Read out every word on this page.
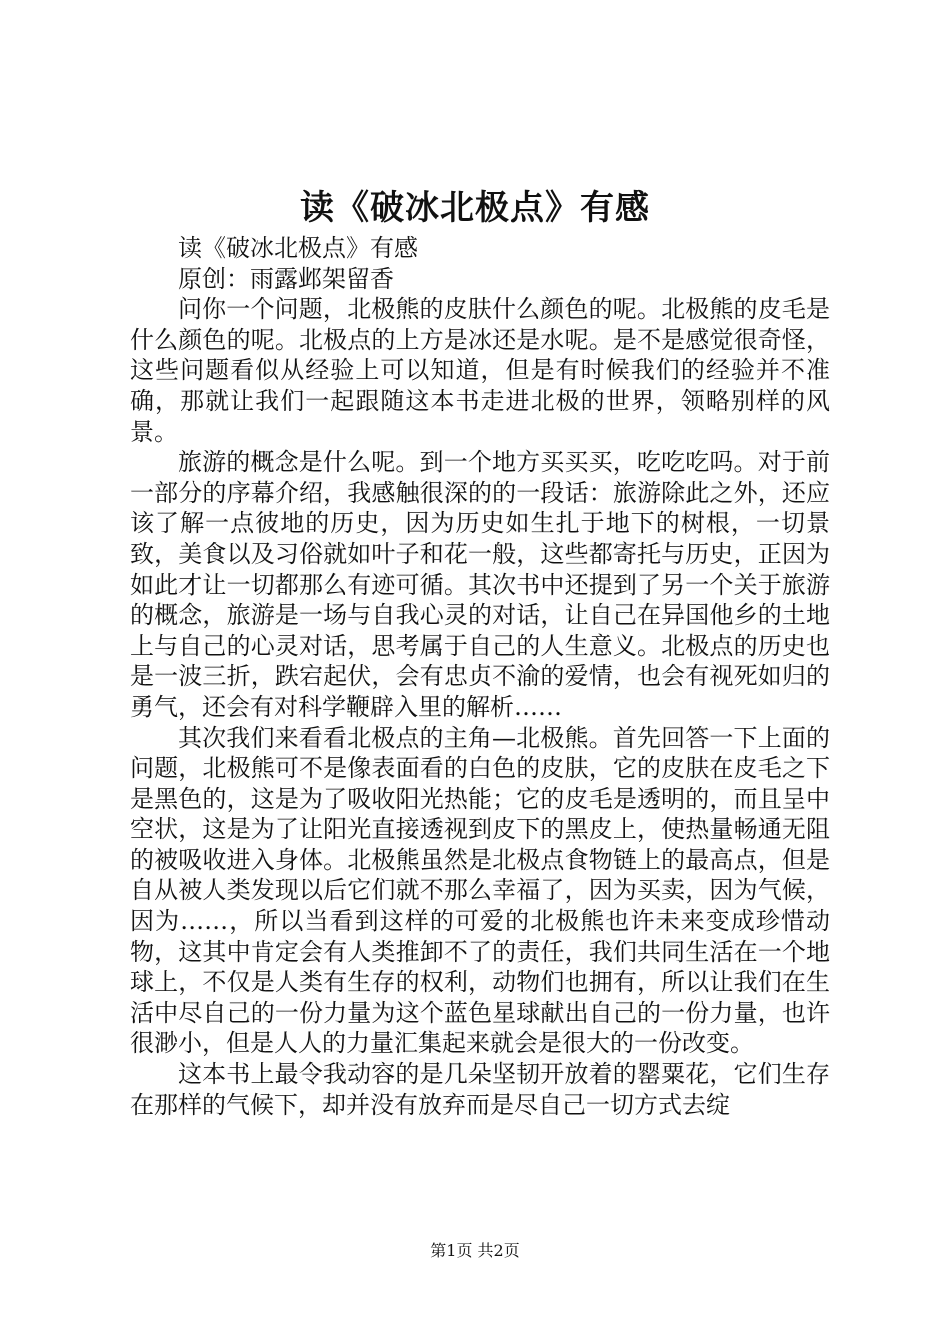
读《破冰北极点》有感

读《破冰北极点》有感

原创：雨露邺架留香

问你一个问题，北极熊的皮肤什么颜色的呢。北极熊的皮毛是什么颜色的呢。北极点的上方是冰还是水呢。是不是感觉很奇怪，这些问题看似从经验上可以知道，但是有时候我们的经验并不准确，那就让我们一起跟随这本书走进北极的世界，领略别样的风景。

旅游的概念是什么呢。到一个地方买买买，吃吃吃吗。对于前一部分的序幕介绍，我感触很深的的一段话：旅游除此之外，还应该了解一点彼地的历史，因为历史如生扎于地下的树根，一切景致，美食以及习俗就如叶子和花一般，这些都寄托与历史，正因为如此才让一切都那么有迹可循。其次书中还提到了另一个关于旅游的概念，旅游是一场与自我心灵的对话，让自己在异国他乡的土地上与自己的心灵对话，思考属于自己的人生意义。北极点的历史也是一波三折，跌宕起伏，会有忠贞不渝的爱情，也会有视死如归的勇气，还会有对科学鞭辟入里的解析……

其次我们来看看北极点的主角—北极熊。首先回答一下上面的问题，北极熊可不是像表面看的白色的皮肤，它的皮肤在皮毛之下是黑色的，这是为了吸收阳光热能；它的皮毛是透明的，而且呈中空状，这是为了让阳光直接透视到皮下的黑皮上，使热量畅通无阻的被吸收进入身体。北极熊虽然是北极点食物链上的最高点，但是自从被人类发现以后它们就不那么幸福了，因为买卖，因为气候，因为……，所以当看到这样的可爱的北极熊也许未来变成珍惜动物，这其中肯定会有人类推卸不了的责任，我们共同生活在一个地球上，不仅是人类有生存的权利，动物们也拥有，所以让我们在生活中尽自己的一份力量为这个蓝色星球献出自己的一份力量，也许很渺小，但是人人的力量汇集起来就会是很大的一份改变。

这本书上最令我动容的是几朵坚韧开放着的罂粟花，它们生存在那样的气候下，却并没有放弃而是尽自己一切方式去绽

第1页 共2页
